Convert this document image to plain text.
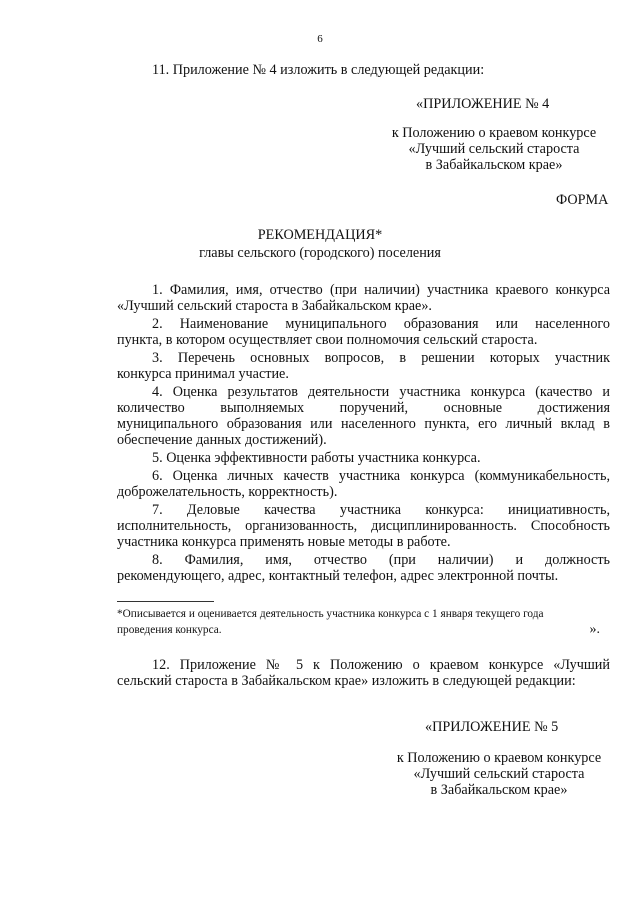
6
11. Приложение № 4 изложить в следующей редакции:
«ПРИЛОЖЕНИЕ № 4
к Положению о краевом конкурсе
«Лучший сельский староста
в Забайкальском крае»
ФОРМА
РЕКОМЕНДАЦИЯ*
главы сельского (городского) поселения

1. Фамилия, имя, отчество (при наличии) участника краевого конкурса

«Лучший сельский староста в Забайкальском крае».

2. Наименование муниципального образования или населенного

пункта, в котором осуществляет свои полномочия сельский староста.

3. Перечень основных вопросов, в решении которых участник

конкурса принимал участие.

4. Оценка результатов деятельности участника конкурса (качество и

количество выполняемых поручений, основные достижения

муниципального образования или населенного пункта, его личный вклад в

обеспечение данных достижений).

5. Оценка эффективности работы участника конкурса.

6. Оценка личных качеств участника конкурса (коммуникабельность,

доброжелательность, корректность).

7. Деловые качества участника конкурса: инициативность,

исполнительность, организованность, дисциплинированность. Способность

участника конкурса применять новые методы в работе.

8. Фамилия, имя, отчество (при наличии) и должность

рекомендующего, адрес, контактный телефон, адрес электронной почты.

*Описывается и оценивается деятельность участника конкурса с 1 января текущего года

проведения конкурса.	».

12. Приложение № 5 к Положению о краевом конкурсе «Лучший

сельский староста в Забайкальском крае» изложить в следующей редакции:

«ПРИЛОЖЕНИЕ № 5
к Положению о краевом конкурсе
«Лучший сельский староста
в Забайкальском крае»
